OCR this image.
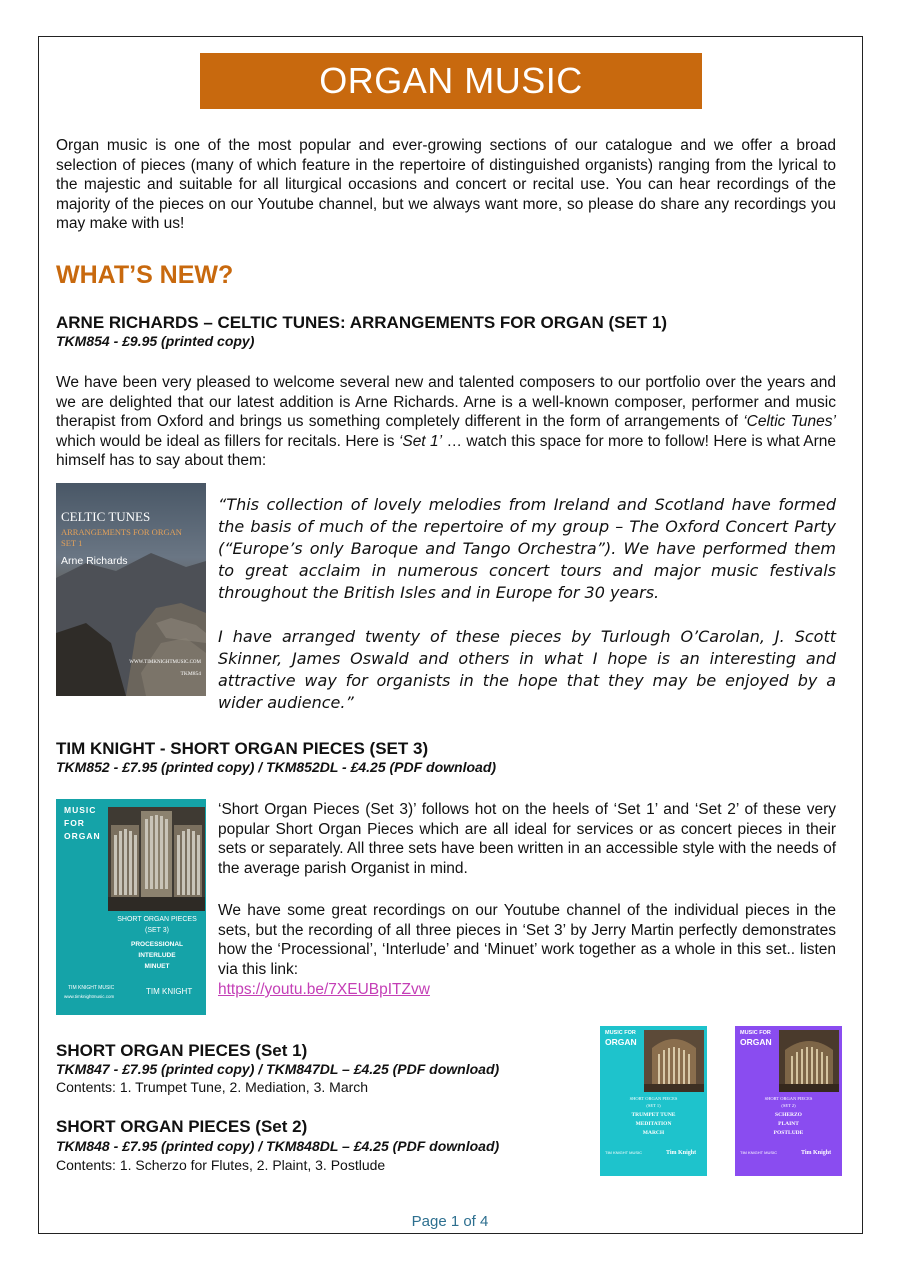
ORGAN MUSIC

Organ music is one of the most popular and ever-growing sections of our catalogue and we offer a broad selection of pieces (many of which feature in the repertoire of distinguished organists) ranging from the lyrical to the majestic and suitable for all liturgical occasions and concert or recital use. You can hear recordings of the majority of the pieces on our Youtube channel, but we always want more, so please do share any recordings you may make with us!

WHAT’S NEW?
ARNE RICHARDS – CELTIC TUNES: ARRANGEMENTS FOR ORGAN (SET 1)

TKM854 - £9.95 (printed copy)

We have been very pleased to welcome several new and talented composers to our portfolio over the years and we are delighted that our latest addition is Arne Richards. Arne is a well-known composer, performer and music therapist from Oxford and brings us something completely different in the form of arrangements of ‘Celtic Tunes’ which would be ideal as fillers for recitals. Here is ‘Set 1’ … watch this space for more to follow! Here is what Arne himself has to say about them:

CELTIC TUNES
ARRANGEMENTS FOR ORGAN
SET 1
Arne Richards
WWW.TIMKNIGHTMUSIC.COM
TKM854

“This collection of lovely melodies from Ireland and Scotland have formed the basis of much of the repertoire of my group – The Oxford Concert Party (“Europe’s only Baroque and Tango Orchestra”). We have performed them to great acclaim in numerous concert tours and major music festivals throughout the British Isles and in Europe for 30 years.

I have arranged twenty of these pieces by Turlough O’Carolan, J. Scott Skinner, James Oswald and others in what I hope is an interesting and attractive way for organists in the hope that they may be enjoyed by a wider audience.”

TIM KNIGHT - SHORT ORGAN PIECES (SET 3)

TKM852 - £7.95 (printed copy) / TKM852DL - £4.25 (PDF download)

MUSIC
FOR
ORGAN
SHORT ORGAN PIECES
(SET 3)
PROCESSIONAL
INTERLUDE
MINUET
TIM KNIGHT MUSIC
www.timknightmusic.com
TIM KNIGHT

‘Short Organ Pieces (Set 3)’ follows hot on the heels of ‘Set 1’ and ‘Set 2’ of these very popular Short Organ Pieces which are all ideal for services or as concert pieces in their sets or separately. All three sets have been written in an accessible style with the needs of the average parish Organist in mind.

We have some great recordings on our Youtube channel of the individual pieces in the sets, but the recording of all three pieces in ‘Set 3’ by Jerry Martin perfectly demonstrates how the ‘Processional’, ‘Interlude’ and ‘Minuet’ work together as a whole in this set.. listen via this link:

https://youtu.be/7XEUBpITZvw
SHORT ORGAN PIECES (Set 1)

TKM847 - £7.95 (printed copy) / TKM847DL – £4.25 (PDF download)

Contents: 1. Trumpet Tune, 2. Mediation, 3. March

SHORT ORGAN PIECES (Set 2)

TKM848 - £7.95 (printed copy) / TKM848DL – £4.25 (PDF download)

Contents: 1. Scherzo for Flutes, 2. Plaint, 3. Postlude

MUSIC FOR
ORGAN
SHORT ORGAN PIECES
(SET 1)
TRUMPET TUNE
MEDITATION
MARCH
TIM KNIGHT MUSIC	Tim Knight
MUSIC FOR
ORGAN
SHORT ORGAN PIECES
(SET 2)
SCHERZO
PLAINT
POSTLUDE
TIM KNIGHT MUSIC	Tim Knight
Page 1 of 4
